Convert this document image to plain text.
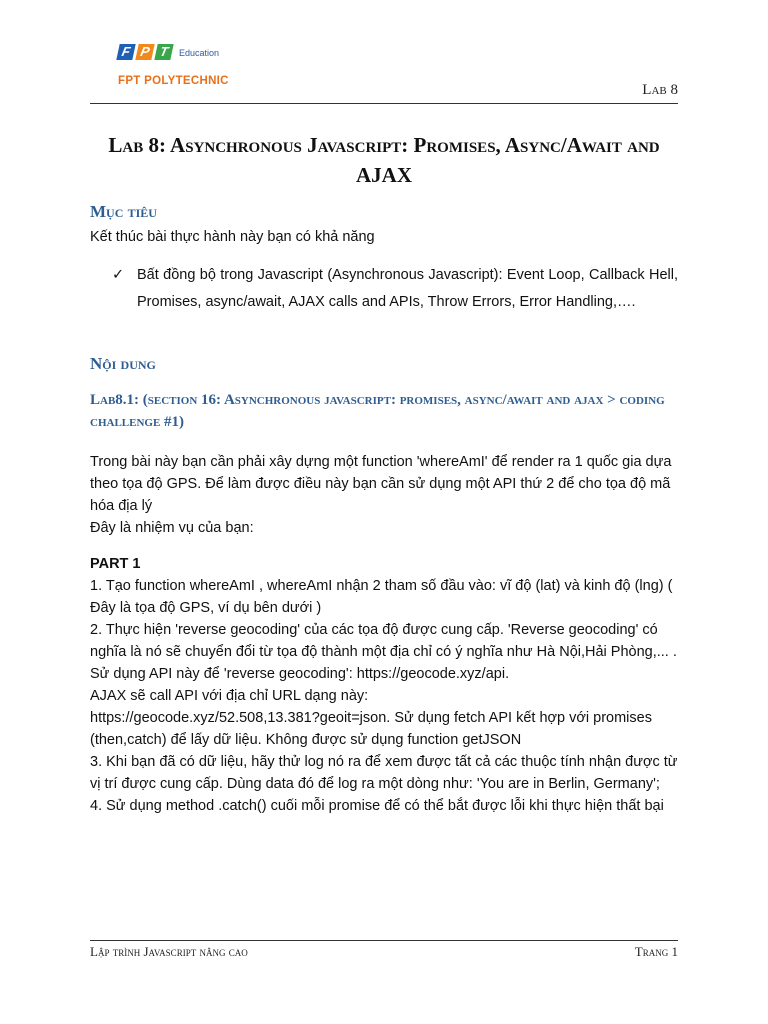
F P T	Education
FPT POLYTECHNIC
Lab 8
Lab 8: Asynchronous Javascript: Promises, Async/Await and AJAX
Mục tiêu
Kết thúc bài thực hành này bạn có khả năng
✓ Bất đồng bộ trong Javascript (Asynchronous Javascript): Event Loop, Callback Hell, Promises, async/await, AJAX calls and APIs, Throw Errors, Error Handling,….
Nội dung
Lab8.1: (section 16: Asynchronous javascript: promises, async/await and ajax > coding challenge #1)

Trong bài này bạn cần phải xây dựng một function 'whereAmI' để render ra 1 quốc gia dựa theo tọa độ GPS. Để làm được điều này bạn cần sử dụng một API thứ 2 để cho tọa độ mã hóa địa lý
Đây là nhiệm vụ của bạn:

PART 1

1. Tạo function whereAmI , whereAmI nhận 2 tham số đầu vào: vĩ độ (lat) và kinh độ (lng) ( Đây là tọa độ GPS, ví dụ bên dưới )
2. Thực hiện 'reverse geocoding' của các tọa độ được cung cấp. 'Reverse geocoding' có nghĩa là nó sẽ chuyển đổi từ tọa độ thành một địa chỉ có ý nghĩa như Hà Nội,Hải Phòng,... . Sử dụng API này để 'reverse geocoding': https://geocode.xyz/api.
AJAX sẽ call API với địa chỉ URL dạng này:
https://geocode.xyz/52.508,13.381?geoit=json. Sử dụng fetch API kết hợp với promises (then,catch) để lấy dữ liệu. Không được sử dụng function getJSON
3. Khi bạn đã có dữ liệu, hãy thử log nó ra để xem được tất cả các thuộc tính nhận được từ vị trí được cung cấp. Dùng data đó để log ra một dòng như: 'You are in Berlin, Germany';
4. Sử dụng method .catch() cuối mỗi promise để có thể bắt được lỗi khi thực hiện thất bại

Lập trình Javascript nâng cao	Trang 1
